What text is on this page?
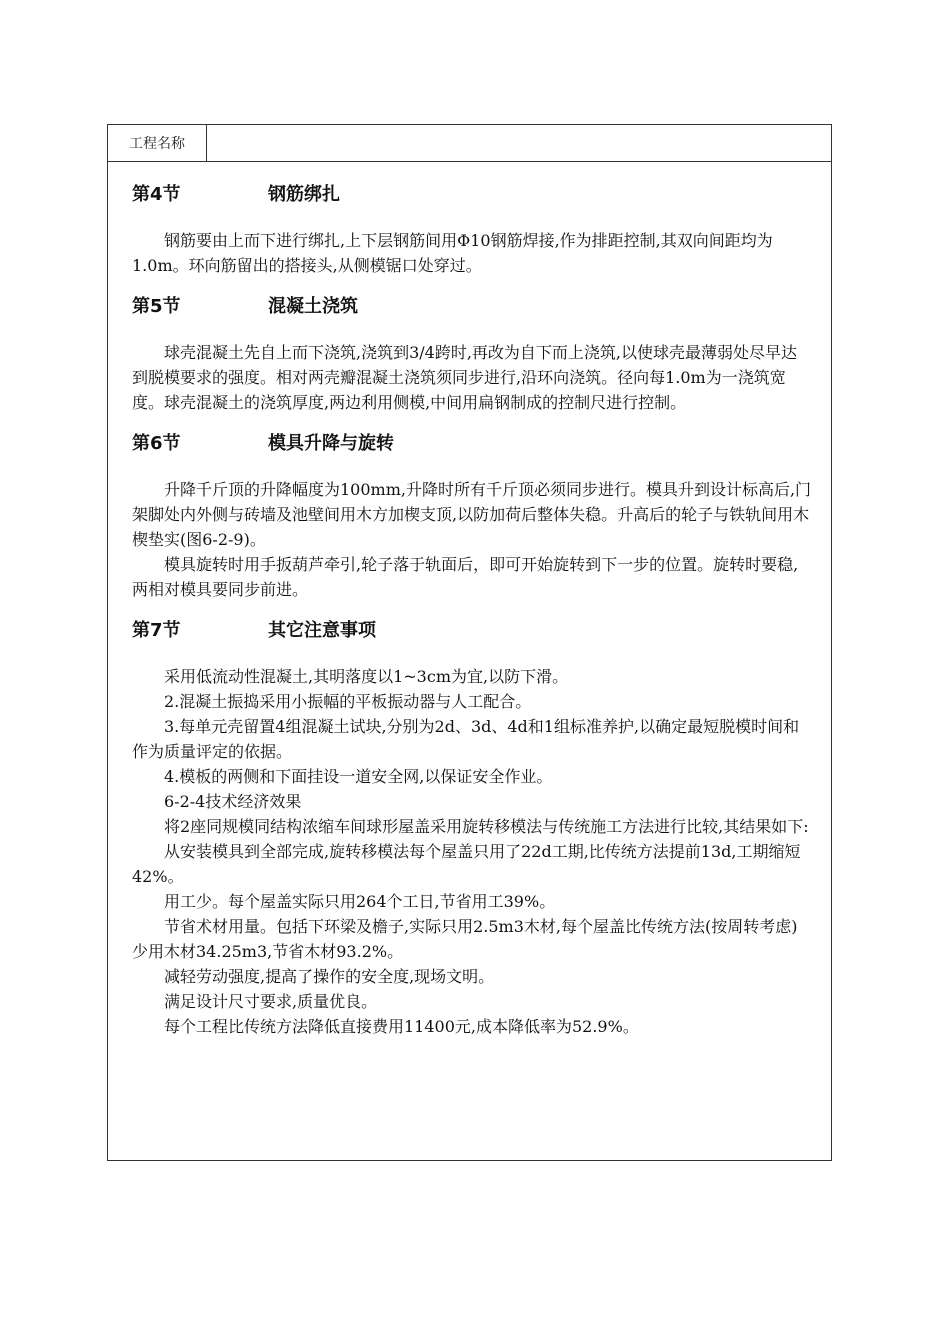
工程名称
第4节	钢筋绑扎

钢筋要由上而下进行绑扎,上下层钢筋间用Φ10钢筋焊接,作为排距控制,其双向间距均为1.0m。环向筋留出的搭接头,从侧模锯口处穿过。

第5节	混凝土浇筑

球壳混凝土先自上而下浇筑,浇筑到3/4跨时,再改为自下而上浇筑,以使球壳最薄弱处尽早达到脱模要求的强度。相对两壳瓣混凝土浇筑须同步进行,沿环向浇筑。径向每1.0m为一浇筑宽度。球壳混凝土的浇筑厚度,两边利用侧模,中间用扁钢制成的控制尺进行控制。

第6节	模具升降与旋转

升降千斤顶的升降幅度为100mm,升降时所有千斤顶必须同步进行。模具升到设计标高后,门架脚处内外侧与砖墙及池壁间用木方加楔支顶,以防加荷后整体失稳。升高后的轮子与铁轨间用木楔垫实(图6-2-9)。

模具旋转时用手扳葫芦牵引,轮子落于轨面后，即可开始旋转到下一步的位置。旋转时要稳,两相对模具要同步前进。

第7节	其它注意事项

采用低流动性混凝土,其明落度以1~3cm为宜,以防下滑。

2.混凝土振捣采用小振幅的平板振动器与人工配合。

3.每单元壳留置4组混凝土试块,分别为2d、3d、4d和1组标准养护,以确定最短脱模时间和作为质量评定的依据。

4.模板的两侧和下面挂设一道安全网,以保证安全作业。

6-2-4技术经济效果

将2座同规模同结构浓缩车间球形屋盖采用旋转移模法与传统施工方法进行比较,其结果如下:

从安装模具到全部完成,旋转移模法每个屋盖只用了22d工期,比传统方法提前13d,工期缩短42%。

用工少。每个屋盖实际只用264个工日,节省用工39%。

节省术材用量。包括下环梁及檐子,实际只用2.5m3木材,每个屋盖比传统方法(按周转考虑)少用木材34.25m3,节省木材93.2%。

减轻劳动强度,提高了操作的安全度,现场文明。

满足设计尺寸要求,质量优良。

每个工程比传统方法降低直接费用11400元,成本降低率为52.9%。
